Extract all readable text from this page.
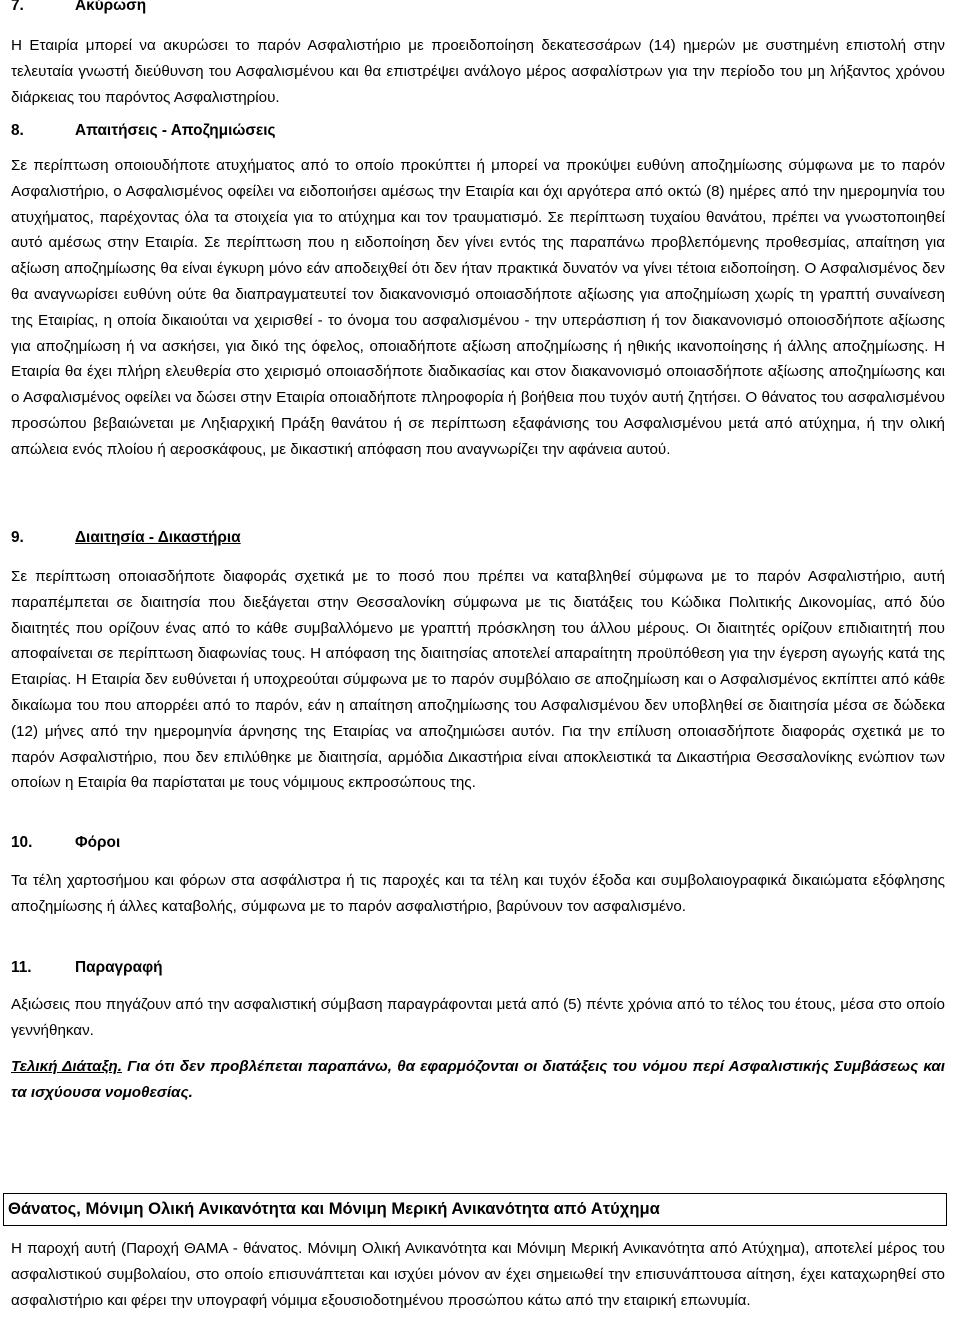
7.	Ακύρωση

Η Εταιρία μπορεί να ακυρώσει το παρόν Ασφαλιστήριο με προειδοποίηση δεκατεσσάρων (14) ημερών με συστημένη επιστολή στην τελευταία γνωστή διεύθυνση του Ασφαλισμένου και θα επιστρέψει ανάλογο μέρος ασφαλίστρων για την περίοδο του μη λήξαντος χρόνου διάρκειας του παρόντος Ασφαλιστηρίου.

8.	Απαιτήσεις - Αποζημιώσεις

Σε περίπτωση οποιουδήποτε ατυχήματος από το οποίο προκύπτει ή μπορεί να προκύψει ευθύνη αποζημίωσης σύμφωνα με το παρόν Ασφαλιστήριο, ο Ασφαλισμένος οφείλει να ειδοποιήσει αμέσως την Εταιρία και όχι αργότερα από οκτώ (8) ημέρες από την ημερομηνία του ατυχήματος, παρέχοντας όλα τα στοιχεία για το ατύχημα και τον τραυματισμό. Σε περίπτωση τυχαίου θανάτου, πρέπει να γνωστοποιηθεί αυτό αμέσως στην Εταιρία. Σε περίπτωση που η ειδοποίηση δεν γίνει εντός της παραπάνω προβλεπόμενης προθεσμίας, απαίτηση για αξίωση αποζημίωσης θα είναι έγκυρη μόνο εάν αποδειχθεί ότι δεν ήταν πρακτικά δυνατόν να γίνει τέτοια ειδοποίηση. Ο Ασφαλισμένος δεν θα αναγνωρίσει ευθύνη ούτε θα διαπραγματευτεί τον διακανονισμό οποιασδήποτε αξίωσης για αποζημίωση χωρίς τη γραπτή συναίνεση της Εταιρίας, η οποία δικαιούται να χειρισθεί - το όνομα του ασφαλισμένου - την υπεράσπιση ή τον διακανονισμό οποιοσδήποτε αξίωσης για αποζημίωση ή να ασκήσει, για δικό της όφελος, οποιαδήποτε αξίωση αποζημίωσης ή ηθικής ικανοποίησης ή άλλης αποζημίωσης. Η Εταιρία θα έχει πλήρη ελευθερία στο χειρισμό οποιασδήποτε διαδικασίας και στον διακανονισμό οποιασδήποτε αξίωσης αποζημίωσης και ο Ασφαλισμένος οφείλει να δώσει στην Εταιρία οποιαδήποτε πληροφορία ή βοήθεια που τυχόν αυτή ζητήσει. Ο θάνατος του ασφαλισμένου προσώπου βεβαιώνεται με Ληξιαρχική Πράξη θανάτου ή σε περίπτωση εξαφάνισης του Ασφαλισμένου μετά από ατύχημα, ή την ολική απώλεια ενός πλοίου ή αεροσκάφους, με δικαστική απόφαση που αναγνωρίζει την αφάνεια αυτού.

9.	Διαιτησία - Δικαστήρια

Σε περίπτωση οποιασδήποτε διαφοράς σχετικά με το ποσό που πρέπει να καταβληθεί σύμφωνα με το παρόν Ασφαλιστήριο, αυτή παραπέμπεται σε διαιτησία που διεξάγεται στην Θεσσαλονίκη σύμφωνα με τις διατάξεις του Κώδικα Πολιτικής Δικονομίας, από δύο διαιτητές που ορίζουν ένας από το κάθε συμβαλλόμενο με γραπτή πρόσκληση του άλλου μέρους. Οι διαιτητές ορίζουν επιδιαιτητή που αποφαίνεται σε περίπτωση διαφωνίας τους. Η απόφαση της διαιτησίας αποτελεί απαραίτητη προϋπόθεση για την έγερση αγωγής κατά της Εταιρίας. Η Εταιρία δεν ευθύνεται ή υποχρεούται σύμφωνα με το παρόν συμβόλαιο σε αποζημίωση και ο Ασφαλισμένος εκπίπτει από κάθε δικαίωμα του που απορρέει από το παρόν, εάν η απαίτηση αποζημίωσης του Ασφαλισμένου δεν υποβληθεί σε διαιτησία μέσα σε δώδεκα (12) μήνες από την ημερομηνία άρνησης της Εταιρίας να αποζημιώσει αυτόν. Για την επίλυση οποιασδήποτε διαφοράς σχετικά με το παρόν Ασφαλιστήριο, που δεν επιλύθηκε με διαιτησία, αρμόδια Δικαστήρια είναι αποκλειστικά τα Δικαστήρια Θεσσαλονίκης ενώπιον των οποίων η Εταιρία θα παρίσταται με τους νόμιμους εκπροσώπους της.

10.	Φόροι

Τα τέλη χαρτοσήμου και φόρων στα ασφάλιστρα ή τις παροχές και τα τέλη και τυχόν έξοδα και συμβολαιογραφικά δικαιώματα εξόφλησης αποζημίωσης ή άλλες καταβολής, σύμφωνα με το παρόν ασφαλιστήριο, βαρύνουν τον ασφαλισμένο.

11.	Παραγραφή

Αξιώσεις που πηγάζουν από την ασφαλιστική σύμβαση παραγράφονται μετά από (5) πέντε χρόνια από το τέλος του έτους, μέσα στο οποίο γεννήθηκαν.

Τελική Διάταξη. Για ότι δεν προβλέπεται παραπάνω, θα εφαρμόζονται οι διατάξεις του νόμου περί Ασφαλιστικής Συμβάσεως και τα ισχύουσα νομοθεσίας.

Θάνατος, Μόνιμη Ολική Ανικανότητα και Μόνιμη Μερική Ανικανότητα από Ατύχημα

Η παροχή αυτή (Παροχή ΘΑΜΑ - θάνατος. Μόνιμη Ολική Ανικανότητα και Μόνιμη Μερική Ανικανότητα από Ατύχημα), αποτελεί μέρος του ασφαλιστικού συμβολαίου, στο οποίο επισυνάπτεται και ισχύει μόνον αν έχει σημειωθεί την επισυνάπτουσα αίτηση, έχει καταχωρηθεί στο ασφαλιστήριο και φέρει την υπογραφή νόμιμα εξουσιοδοτημένου προσώπου κάτω από την εταιρική επωνυμία.
